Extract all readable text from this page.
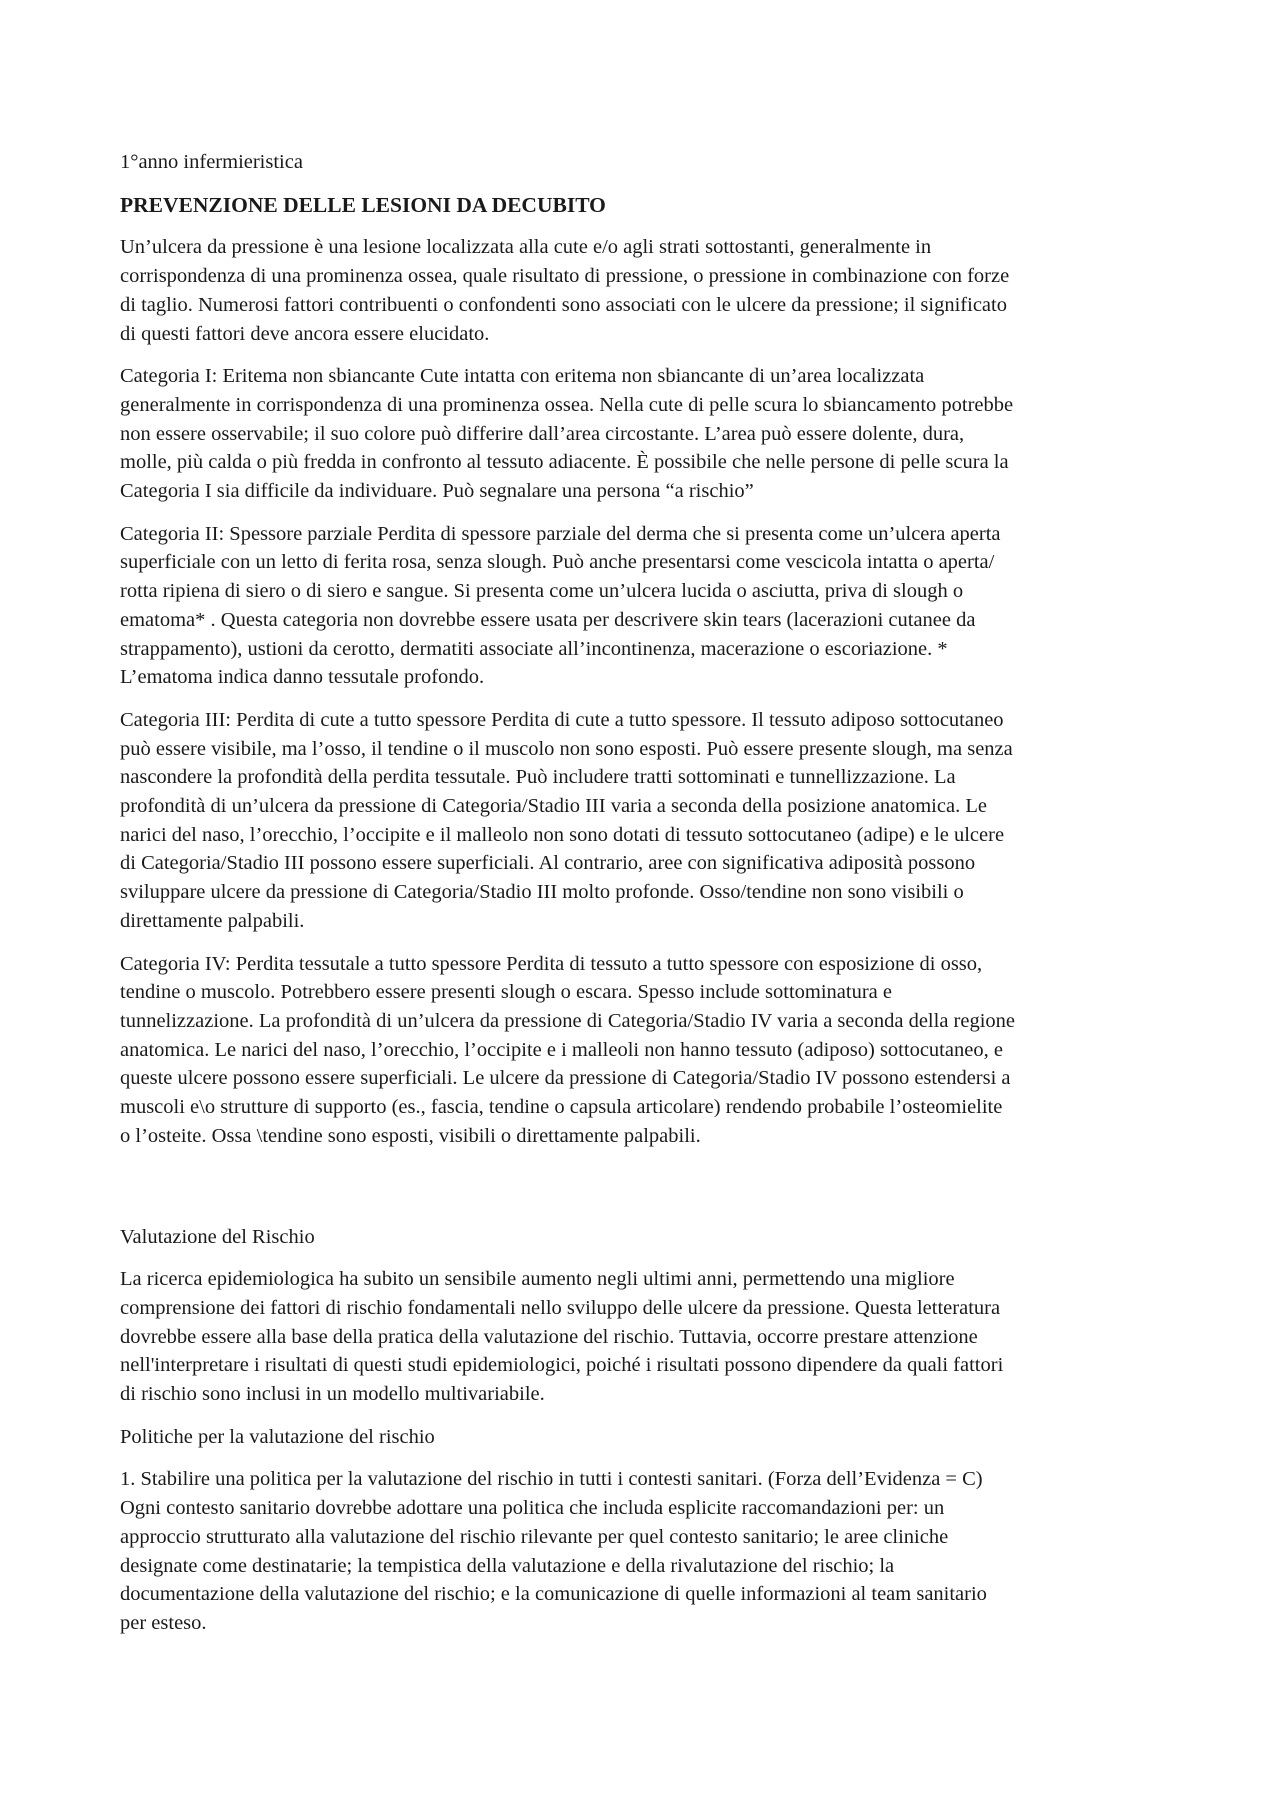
1°anno infermieristica
PREVENZIONE DELLE LESIONI DA DECUBITO
Un’ulcera da pressione è una lesione localizzata alla cute e/o agli strati sottostanti, generalmente in
corrispondenza di una prominenza ossea, quale risultato di pressione, o pressione in combinazione con forze
di taglio. Numerosi fattori contribuenti o confondenti sono associati con le ulcere da pressione; il significato
di questi fattori deve ancora essere elucidato.
Categoria I: Eritema non sbiancante Cute intatta con eritema non sbiancante di un’area localizzata
generalmente in corrispondenza di una prominenza ossea. Nella cute di pelle scura lo sbiancamento potrebbe
non essere osservabile; il suo colore può differire dall’area circostante. L’area può essere dolente, dura,
molle, più calda o più fredda in confronto al tessuto adiacente. È possibile che nelle persone di pelle scura la
Categoria I sia difficile da individuare. Può segnalare una persona “a rischio”
Categoria II: Spessore parziale Perdita di spessore parziale del derma che si presenta come un’ulcera aperta
superficiale con un letto di ferita rosa, senza slough. Può anche presentarsi come vescicola intatta o aperta/
rotta ripiena di siero o di siero e sangue. Si presenta come un’ulcera lucida o asciutta, priva di slough o
ematoma* . Questa categoria non dovrebbe essere usata per descrivere skin tears (lacerazioni cutanee da
strappamento), ustioni da cerotto, dermatiti associate all’incontinenza, macerazione o escoriazione. *
L’ematoma indica danno tessutale profondo.
Categoria III: Perdita di cute a tutto spessore Perdita di cute a tutto spessore. Il tessuto adiposo sottocutaneo
può essere visibile, ma l’osso, il tendine o il muscolo non sono esposti. Può essere presente slough, ma senza
nascondere la profondità della perdita tessutale. Può includere tratti sottominati e tunnellizzazione. La
profondità di un’ulcera da pressione di Categoria/Stadio III varia a seconda della posizione anatomica. Le
narici del naso, l’orecchio, l’occipite e il malleolo non sono dotati di tessuto sottocutaneo (adipe) e le ulcere
di Categoria/Stadio III possono essere superficiali. Al contrario, aree con significativa adiposità possono
sviluppare ulcere da pressione di Categoria/Stadio III molto profonde. Osso/tendine non sono visibili o
direttamente palpabili.
Categoria IV: Perdita tessutale a tutto spessore Perdita di tessuto a tutto spessore con esposizione di osso,
tendine o muscolo. Potrebbero essere presenti slough o escara. Spesso include sottominatura e
tunnelizzazione. La profondità di un’ulcera da pressione di Categoria/Stadio IV varia a seconda della regione
anatomica. Le narici del naso, l’orecchio, l’occipite e i malleoli non hanno tessuto (adiposo) sottocutaneo, e
queste ulcere possono essere superficiali. Le ulcere da pressione di Categoria/Stadio IV possono estendersi a
muscoli e\o strutture di supporto (es., fascia, tendine o capsula articolare) rendendo probabile l’osteomielite
o l’osteite. Ossa \tendine sono esposti, visibili o direttamente palpabili.
Valutazione del Rischio
La ricerca epidemiologica ha subito un sensibile aumento negli ultimi anni, permettendo una migliore
comprensione dei fattori di rischio fondamentali nello sviluppo delle ulcere da pressione. Questa letteratura
dovrebbe essere alla base della pratica della valutazione del rischio. Tuttavia, occorre prestare attenzione
nell'interpretare i risultati di questi studi epidemiologici, poiché i risultati possono dipendere da quali fattori
di rischio sono inclusi in un modello multivariabile.
Politiche per la valutazione del rischio
1. Stabilire una politica per la valutazione del rischio in tutti i contesti sanitari. (Forza dell’Evidenza = C)
Ogni contesto sanitario dovrebbe adottare una politica che includa esplicite raccomandazioni per: un
approccio strutturato alla valutazione del rischio rilevante per quel contesto sanitario; le aree cliniche
designate come destinatarie; la tempistica della valutazione e della rivalutazione del rischio; la
documentazione della valutazione del rischio; e la comunicazione di quelle informazioni al team sanitario
per esteso.
